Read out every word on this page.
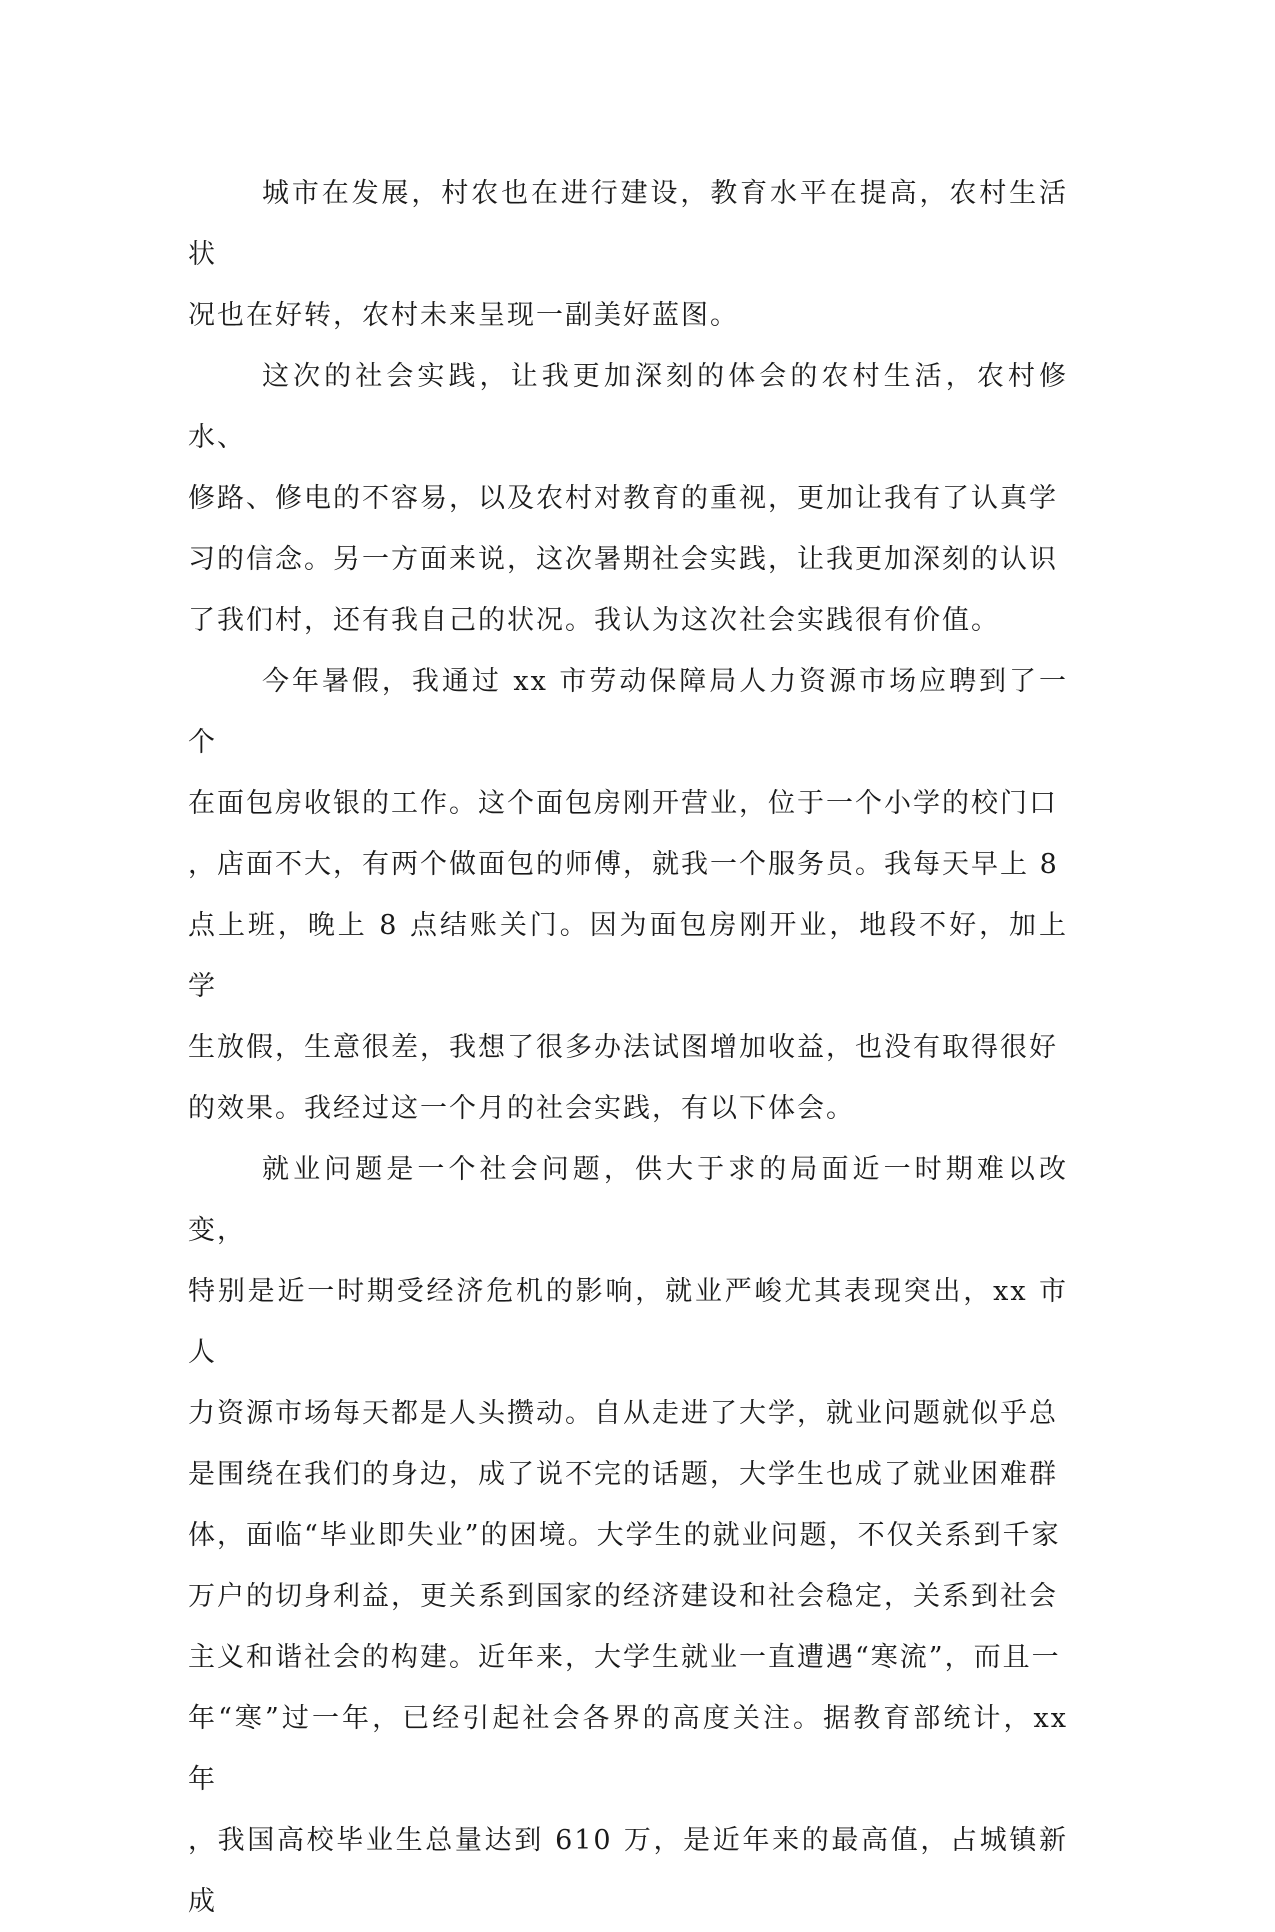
城市在发展，村农也在进行建设，教育水平在提高，农村生活状
况也在好转，农村未来呈现一副美好蓝图。

这次的社会实践，让我更加深刻的体会的农村生活，农村修水、
修路、修电的不容易，以及农村对教育的重视，更加让我有了认真学
习的信念。另一方面来说，这次暑期社会实践，让我更加深刻的认识
了我们村，还有我自己的状况。我认为这次社会实践很有价值。

今年暑假，我通过 xx 市劳动保障局人力资源市场应聘到了一个
在面包房收银的工作。这个面包房刚开营业，位于一个小学的校门口
，店面不大，有两个做面包的师傅，就我一个服务员。我每天早上 8
点上班，晚上 8 点结账关门。因为面包房刚开业，地段不好，加上学
生放假，生意很差，我想了很多办法试图增加收益，也没有取得很好
的效果。我经过这一个月的社会实践，有以下体会。

就业问题是一个社会问题，供大于求的局面近一时期难以改变，
特别是近一时期受经济危机的影响，就业严峻尤其表现突出，xx 市人
力资源市场每天都是人头攒动。自从走进了大学，就业问题就似乎总
是围绕在我们的身边，成了说不完的话题，大学生也成了就业困难群
体，面临“毕业即失业”的困境。大学生的就业问题，不仅关系到千家
万户的切身利益，更关系到国家的经济建设和社会稳定，关系到社会
主义和谐社会的构建。近年来，大学生就业一直遭遇“寒流”，而且一
年“寒”过一年，已经引起社会各界的高度关注。据教育部统计，xx 年
，我国高校毕业生总量达到 610 万，是近年来的最高值，占城镇新成
